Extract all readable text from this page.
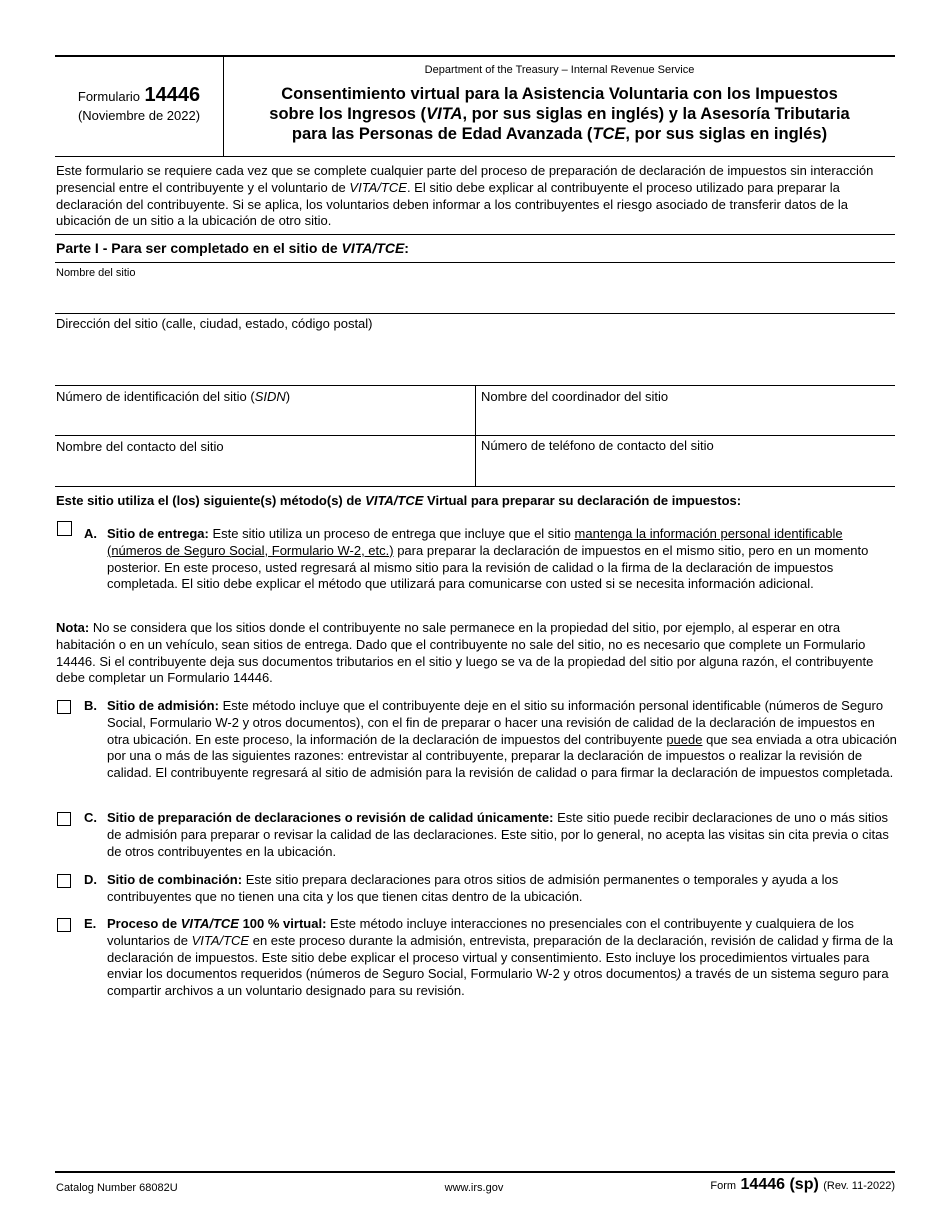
Formulario 14446
(Noviembre de 2022)
Department of the Treasury – Internal Revenue Service
Consentimiento virtual para la Asistencia Voluntaria con los Impuestos
sobre los Ingresos (VITA, por sus siglas en inglés) y la Asesoría Tributaria
para las Personas de Edad Avanzada (TCE, por sus siglas en inglés)
Este formulario se requiere cada vez que se complete cualquier parte del proceso de preparación de declaración de impuestos sin interacción presencial entre el contribuyente y el voluntario de VITA/TCE. El sitio debe explicar al contribuyente el proceso utilizado para preparar la declaración del contribuyente. Si se aplica, los voluntarios deben informar a los contribuyentes el riesgo asociado de transferir datos de la ubicación de un sitio a la ubicación de otro sitio.
Parte I - Para ser completado en el sitio de VITA/TCE:
Nombre del sitio
Dirección del sitio (calle, ciudad, estado, código postal)
Número de identificación del sitio (SIDN)	Nombre del coordinador del sitio
Nombre del contacto del sitio	Número de teléfono de contacto del sitio
Este sitio utiliza el (los) siguiente(s) método(s) de VITA/TCE Virtual para preparar su declaración de impuestos:
A. Sitio de entrega: Este sitio utiliza un proceso de entrega que incluye que el sitio mantenga la información personal identificable (números de Seguro Social, Formulario W-2, etc.) para preparar la declaración de impuestos en el mismo sitio, pero en un momento posterior. En este proceso, usted regresará al mismo sitio para la revisión de calidad o la firma de la declaración de impuestos completada. El sitio debe explicar el método que utilizará para comunicarse con usted si se necesita información adicional.
Nota: No se considera que los sitios donde el contribuyente no sale permanece en la propiedad del sitio, por ejemplo, al esperar en otra habitación o en un vehículo, sean sitios de entrega. Dado que el contribuyente no sale del sitio, no es necesario que complete un Formulario 14446. Si el contribuyente deja sus documentos tributarios en el sitio y luego se va de la propiedad del sitio por alguna razón, el contribuyente debe completar un Formulario 14446.
B. Sitio de admisión: Este método incluye que el contribuyente deje en el sitio su información personal identificable (números de Seguro Social, Formulario W-2 y otros documentos), con el fin de preparar o hacer una revisión de calidad de la declaración de impuestos en otra ubicación. En este proceso, la información de la declaración de impuestos del contribuyente puede que sea enviada a otra ubicación por una o más de las siguientes razones: entrevistar al contribuyente, preparar la declaración de impuestos o realizar la revisión de calidad. El contribuyente regresará al sitio de admisión para la revisión de calidad o para firmar la declaración de impuestos completada.
C. Sitio de preparación de declaraciones o revisión de calidad únicamente: Este sitio puede recibir declaraciones de uno o más sitios de admisión para preparar o revisar la calidad de las declaraciones. Este sitio, por lo general, no acepta las visitas sin cita previa o citas de otros contribuyentes en la ubicación.
D. Sitio de combinación: Este sitio prepara declaraciones para otros sitios de admisión permanentes o temporales y ayuda a los contribuyentes que no tienen una cita y los que tienen citas dentro de la ubicación.
E. Proceso de VITA/TCE 100 % virtual: Este método incluye interacciones no presenciales con el contribuyente y cualquiera de los voluntarios de VITA/TCE en este proceso durante la admisión, entrevista, preparación de la declaración, revisión de calidad y firma de la declaración de impuestos. Este sitio debe explicar el proceso virtual y consentimiento. Esto incluye los procedimientos virtuales para enviar los documentos requeridos (números de Seguro Social, Formulario W-2 y otros documentos) a través de un sistema seguro para compartir archivos a un voluntario designado para su revisión.
Catalog Number 68082U	www.irs.gov	Form 14446 (sp) (Rev. 11-2022)
